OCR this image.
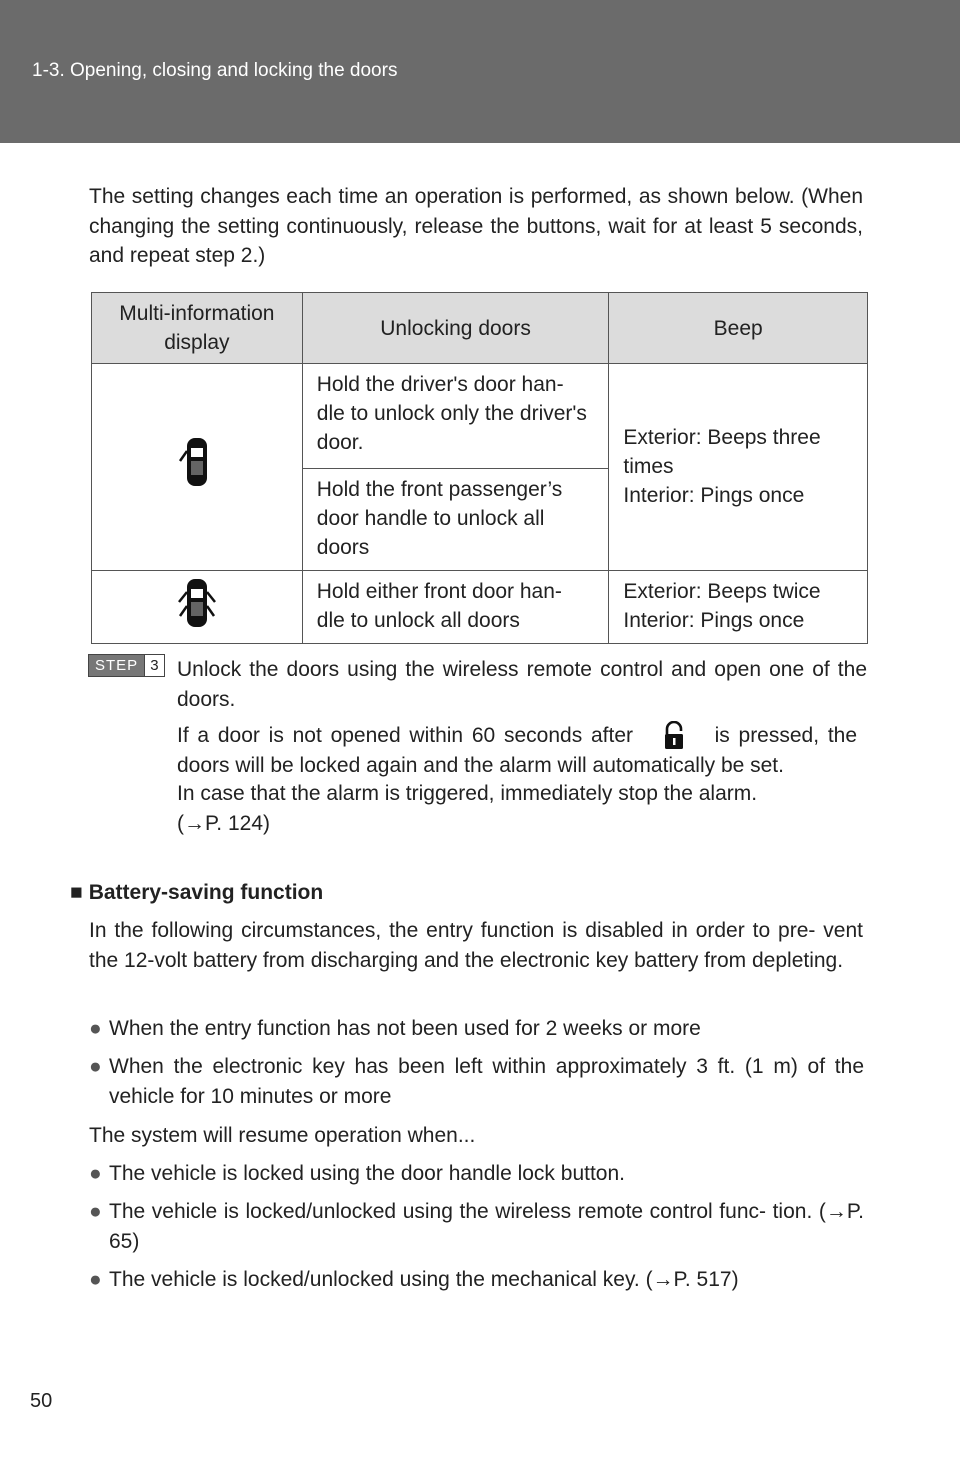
1-3. Opening, closing and locking the doors
The setting changes each time an operation is performed, as shown below. (When changing the setting continuously, release the buttons, wait for at least 5 seconds, and repeat step 2.)
Multi-information display	Unlocking doors	Beep
	Hold the driver's door han- dle to unlock only the driver's door.	Exterior: Beeps three times
Interior: Pings once

	Hold the front passenger’s door handle to unlock all doors	
	Hold either front door han- dle to unlock all doors	Exterior: Beeps twice
Interior: Pings once
STEP 3 Unlock the doors using the wireless remote control and open one of the doors.
If a door is not opened within 60 seconds after	is pressed, the doors will be locked again and the alarm will automatically be set.
In case that the alarm is triggered, immediately stop the alarm.
(→P. 124)
■ Battery-saving function
In the following circumstances, the entry function is disabled in order to pre- vent the 12-volt battery from discharging and the electronic key battery from depleting.
● When the entry function has not been used for 2 weeks or more
● When the electronic key has been left within approximately 3 ft. (1 m) of the vehicle for 10 minutes or more
The system will resume operation when...
● The vehicle is locked using the door handle lock button.
● The vehicle is locked/unlocked using the wireless remote control func- tion. (→P. 65)
● The vehicle is locked/unlocked using the mechanical key. (→P. 517)
50
